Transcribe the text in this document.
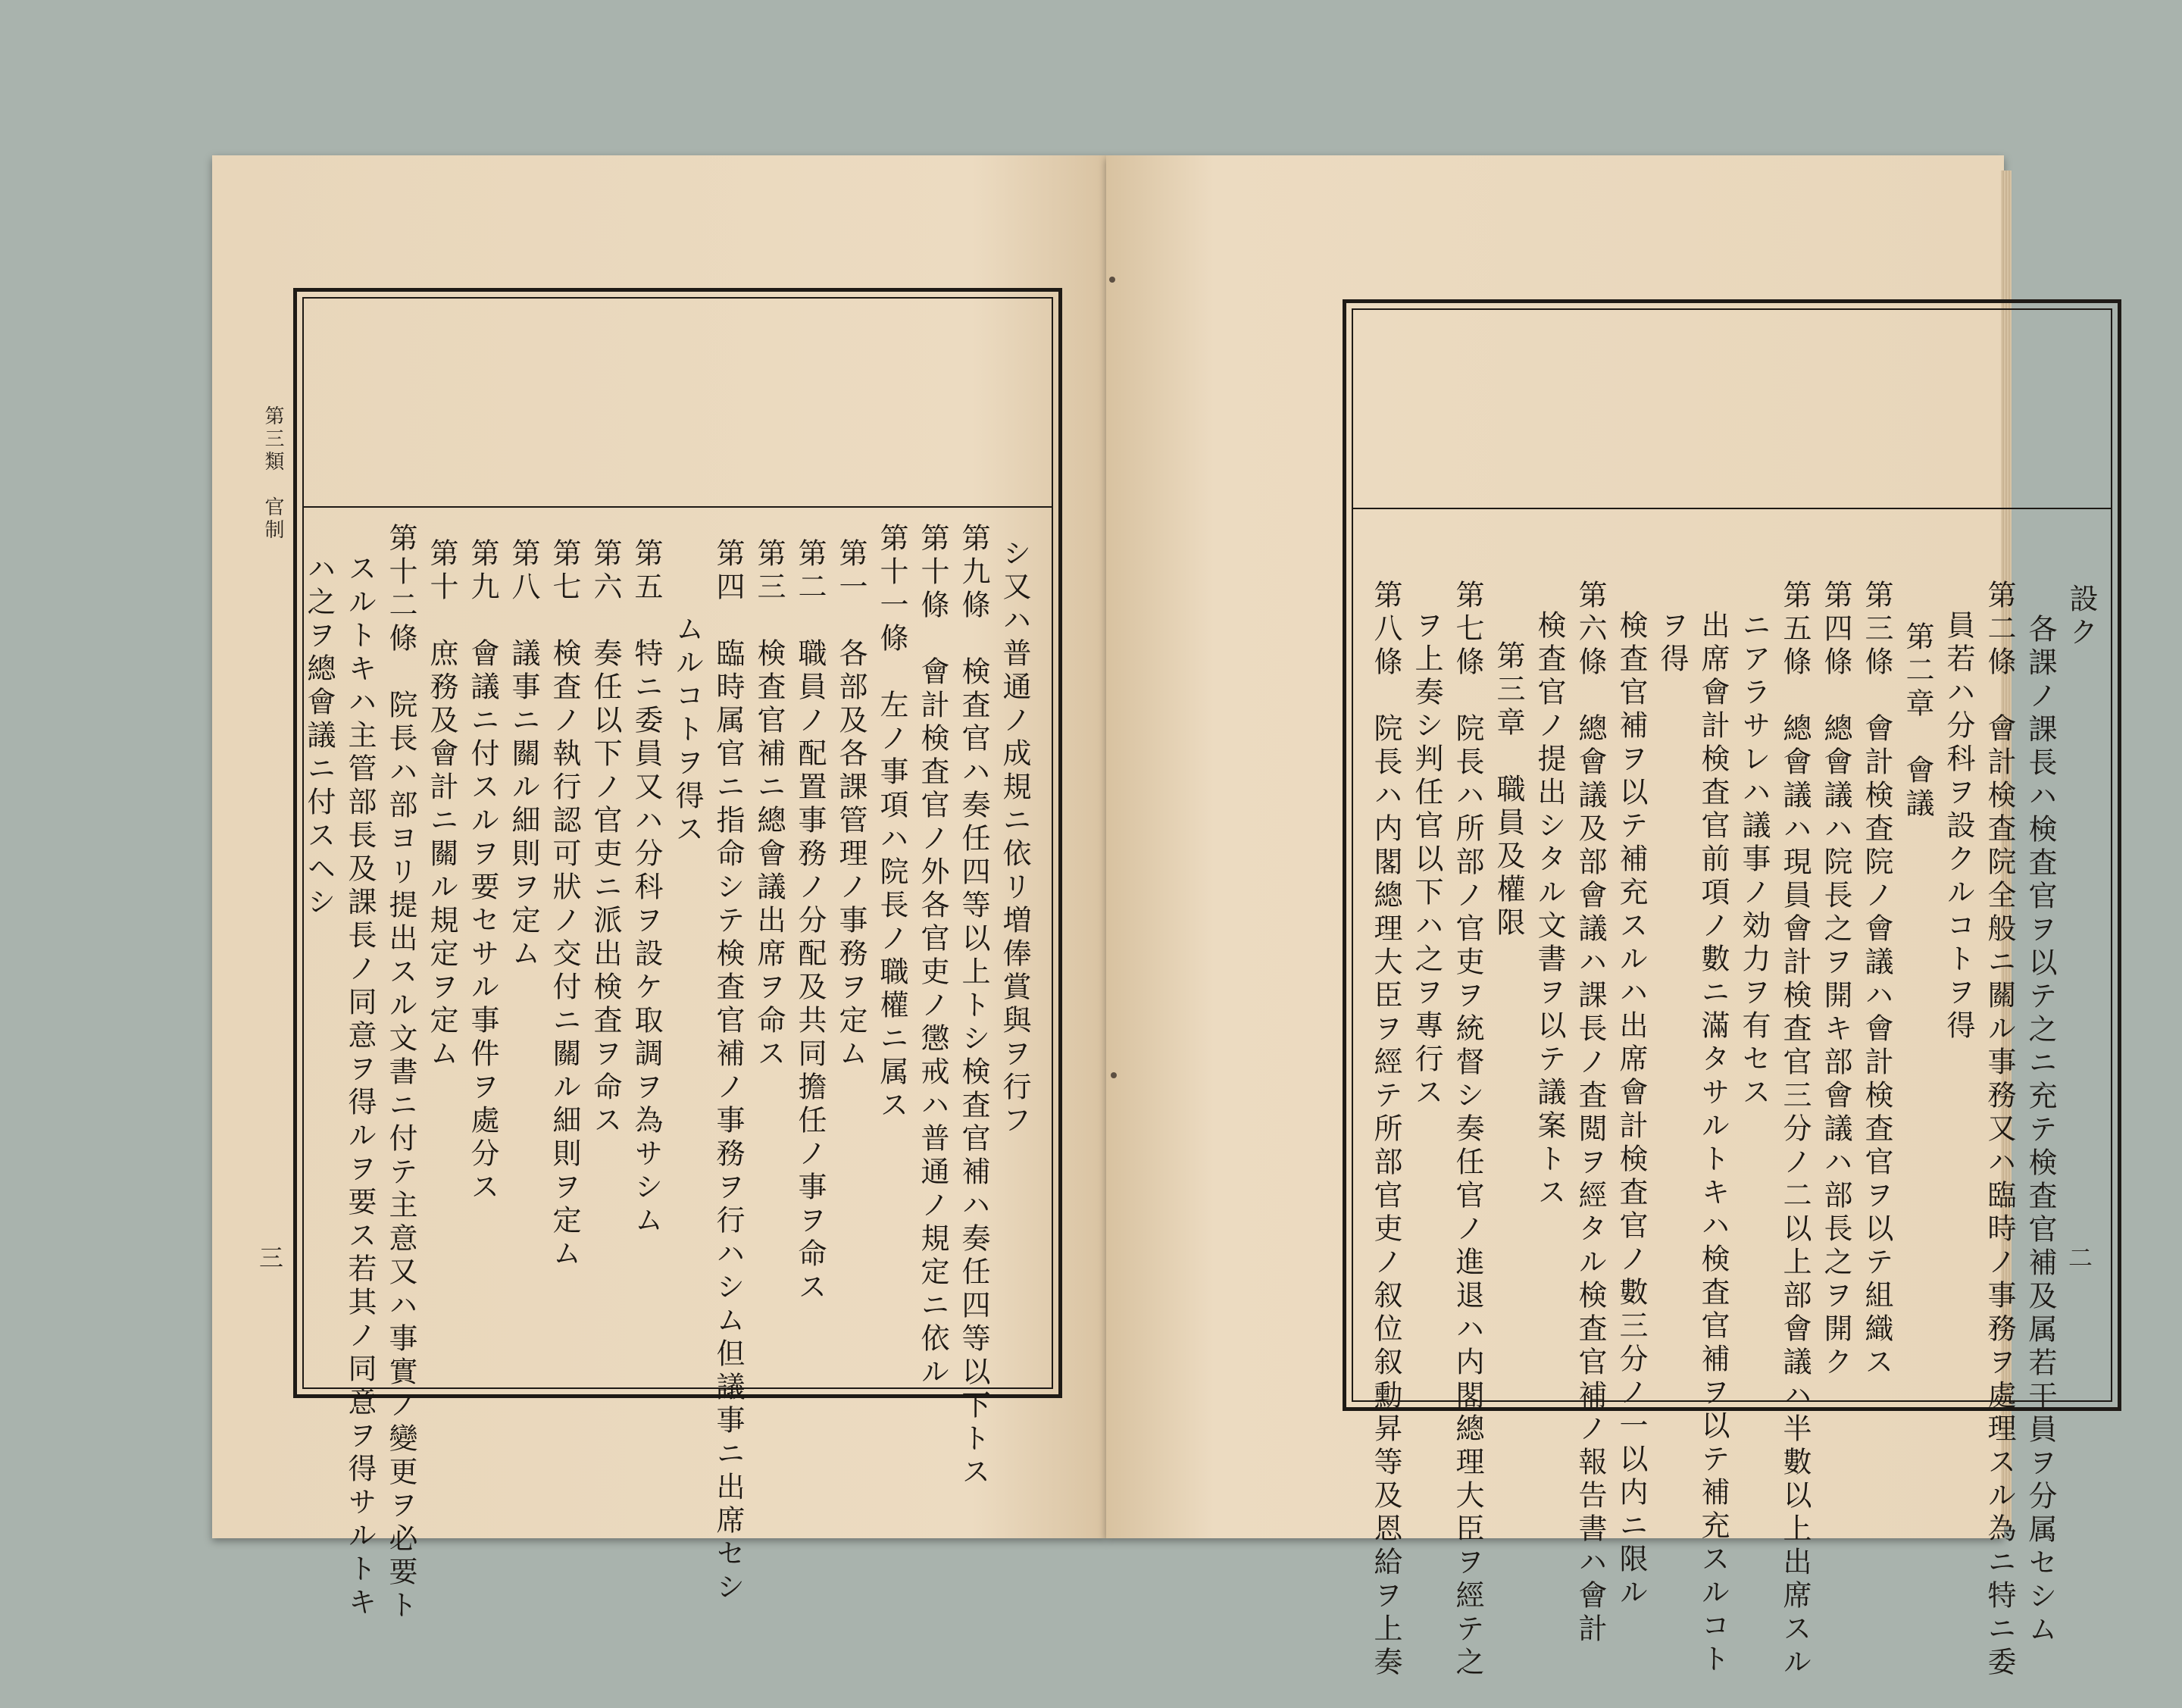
第三類　官制

三

シ又ハ普通ノ成規ニ依リ増俸賞與ヲ行フ

第九條　検査官ハ奏任四等以上トシ検査官補ハ奏任四等以下トス

第十條　會計検査官ノ外各官吏ノ懲戒ハ普通ノ規定ニ依ル

第十一條　左ノ事項ハ院長ノ職權ニ属ス

第一　各部及各課管理ノ事務ヲ定ム

第二　職員ノ配置事務ノ分配及共同擔任ノ事ヲ命ス

第三　検査官補ニ總會議出席ヲ命ス

第四　臨時属官ニ指命シテ検査官補ノ事務ヲ行ハシム但議事ニ出席セシ

ムルコトヲ得ス

第五　特ニ委員又ハ分科ヲ設ケ取調ヲ為サシム

第六　奏任以下ノ官吏ニ派出検査ヲ命ス

第七　検査ノ執行認可狀ノ交付ニ關ル細則ヲ定ム

第八　議事ニ關ル細則ヲ定ム

第九　會議ニ付スルヲ要セサル事件ヲ處分ス

第十　庶務及會計ニ關ル規定ヲ定ム

第十二條　院長ハ部ヨリ提出スル文書ニ付テ主意又ハ事實ノ變更ヲ必要ト

スルトキハ主管部長及課長ノ同意ヲ得ルヲ要ス若其ノ同意ヲ得サルトキ

ハ之ヲ總會議ニ付スヘシ

二

設ク

各課ノ課長ハ検査官ヲ以テ之ニ充テ検査官補及属若干員ヲ分属セシム

第二條　會計検査院全般ニ關ル事務又ハ臨時ノ事務ヲ處理スル為ニ特ニ委

員若ハ分科ヲ設クルコトヲ得

第二章　會議

第三條　會計検査院ノ會議ハ會計検査官ヲ以テ組織ス

第四條　總會議ハ院長之ヲ開キ部會議ハ部長之ヲ開ク

第五條　總會議ハ現員會計検査官三分ノ二以上部會議ハ半數以上出席スル

ニアラサレハ議事ノ効力ヲ有セス

出席會計検査官前項ノ數ニ滿タサルトキハ検査官補ヲ以テ補充スルコト

ヲ得

検査官補ヲ以テ補充スルハ出席會計検査官ノ數三分ノ一以内ニ限ル

第六條　總會議及部會議ハ課長ノ査閲ヲ經タル検査官補ノ報告書ハ會計

検査官ノ提出シタル文書ヲ以テ議案トス

第三章　職員及權限

第七條　院長ハ所部ノ官吏ヲ統督シ奏任官ノ進退ハ内閣總理大臣ヲ經テ之

ヲ上奏シ判任官以下ハ之ヲ專行ス

第八條　院長ハ内閣總理大臣ヲ經テ所部官吏ノ叙位叙勳昇等及恩給ヲ上奏
